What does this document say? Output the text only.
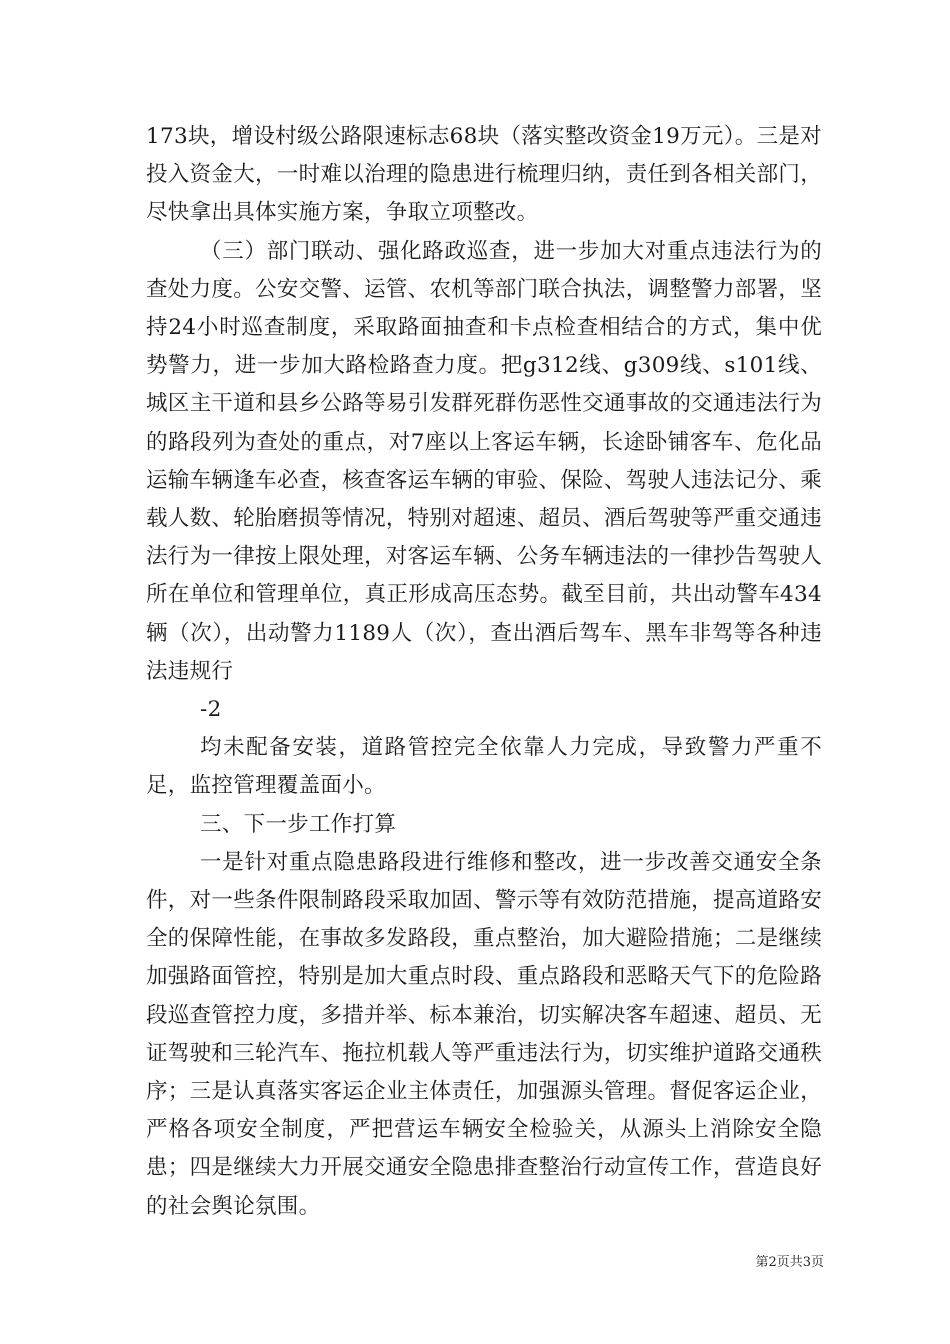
173块，增设村级公路限速标志68块（落实整改资金19万元）。三是对投入资金大，一时难以治理的隐患进行梳理归纳，责任到各相关部门，尽快拿出具体实施方案，争取立项整改。

（三）部门联动、强化路政巡查，进一步加大对重点违法行为的查处力度。公安交警、运管、农机等部门联合执法，调整警力部署，坚持24小时巡查制度，采取路面抽查和卡点检查相结合的方式，集中优势警力，进一步加大路检路查力度。把g312线、g309线、s101线、城区主干道和县乡公路等易引发群死群伤恶性交通事故的交通违法行为的路段列为查处的重点，对7座以上客运车辆，长途卧铺客车、危化品运输车辆逢车必查，核查客运车辆的审验、保险、驾驶人违法记分、乘载人数、轮胎磨损等情况，特别对超速、超员、酒后驾驶等严重交通违法行为一律按上限处理，对客运车辆、公务车辆违法的一律抄告驾驶人所在单位和管理单位，真正形成高压态势。截至目前，共出动警车434辆（次），出动警力1189人（次），查出酒后驾车、黑车非驾等各种违法违规行

-2

均未配备安装，道路管控完全依靠人力完成，导致警力严重不足，监控管理覆盖面小。

三、下一步工作打算

一是针对重点隐患路段进行维修和整改，进一步改善交通安全条件，对一些条件限制路段采取加固、警示等有效防范措施，提高道路安全的保障性能，在事故多发路段，重点整治，加大避险措施；二是继续加强路面管控，特别是加大重点时段、重点路段和恶略天气下的危险路段巡查管控力度，多措并举、标本兼治，切实解决客车超速、超员、无证驾驶和三轮汽车、拖拉机载人等严重违法行为，切实维护道路交通秩序；三是认真落实客运企业主体责任，加强源头管理。督促客运企业，严格各项安全制度，严把营运车辆安全检验关，从源头上消除安全隐患；四是继续大力开展交通安全隐患排查整治行动宣传工作，营造良好的社会舆论氛围。

第2页共3页
